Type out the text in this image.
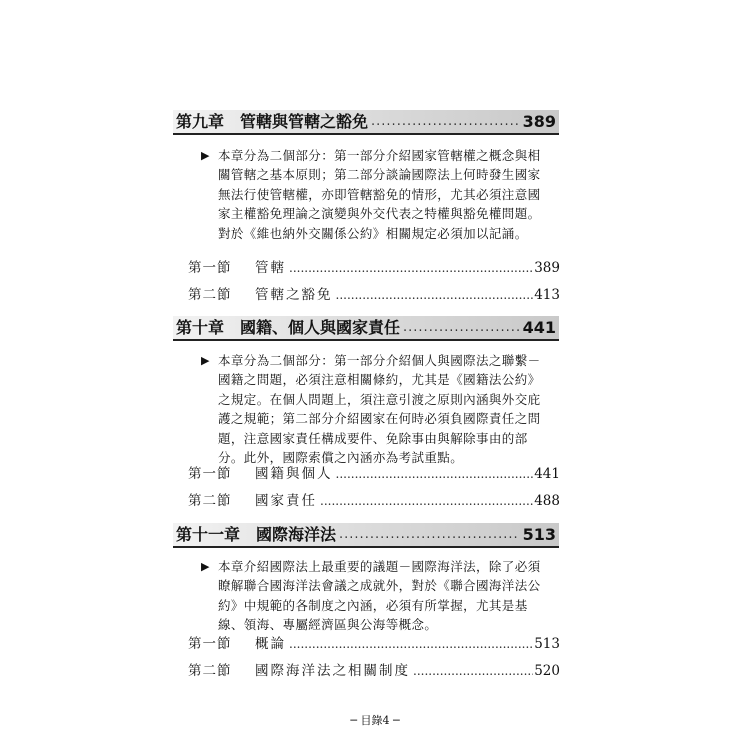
第九章	管轄與管轄之豁免 .....	389
▶ 本章分為二個部分：第一部分介紹國家管轄權之概念與相關管轄之基本原則；第二部分談論國際法上何時發生國家無法行使管轄權，亦即管轄豁免的情形，尤其必須注意國家主權豁免理論之演變與外交代表之特權與豁免權問題。對於《維也納外交關係公約》相關規定必須加以記誦。
第一節	管轄 .....	389
第二節	管轄之豁免 .....	413
第十章	國籍、個人與國家責任 .....	441
▶ 本章分為二個部分：第一部分介紹個人與國際法之聯繫－國籍之問題，必須注意相關條約，尤其是《國籍法公約》之規定。在個人問題上，須注意引渡之原則內涵與外交庇護之規範；第二部分介紹國家在何時必須負國際責任之問題，注意國家責任構成要件、免除事由與解除事由的部分。此外，國際索償之內涵亦為考試重點。
第一節	國籍與個人 .....	441
第二節	國家責任 .....	488
第十一章	國際海洋法 .....	513
▶ 本章介紹國際法上最重要的議題－國際海洋法，除了必須瞭解聯合國海洋法會議之成就外，對於《聯合國海洋法公約》中規範的各制度之內涵，必須有所掌握，尤其是基線、領海、專屬經濟區與公海等概念。
第一節	概論 .....	513
第二節	國際海洋法之相關制度 .....	520
─ 目錄4 ─
